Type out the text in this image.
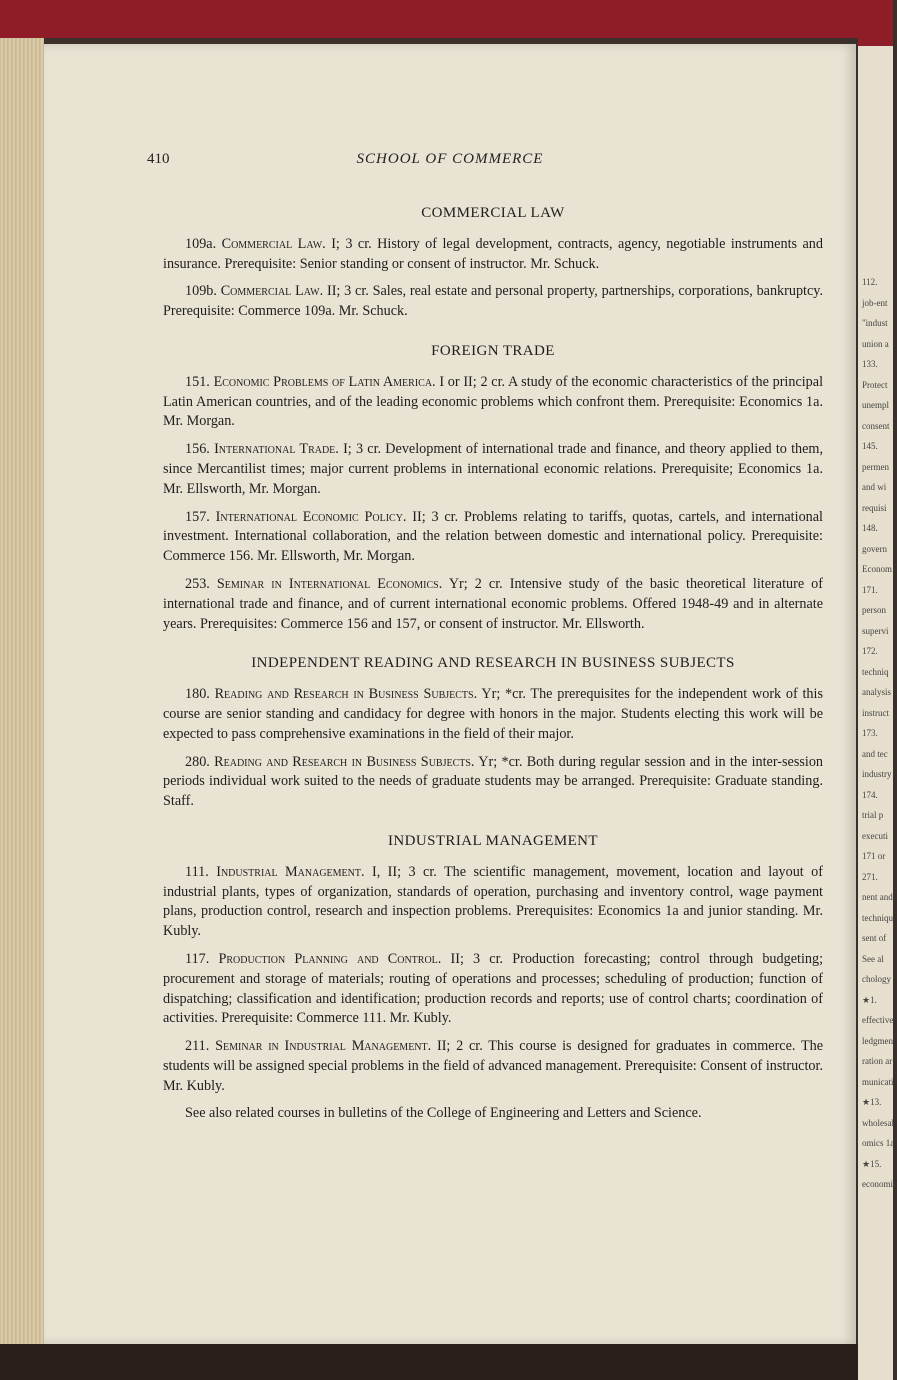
410	SCHOOL OF COMMERCE
COMMERCIAL LAW

109a. Commercial Law. I; 3 cr. History of legal development, contracts, agency, negotiable instruments and insurance. Prerequisite: Senior standing or consent of instructor. Mr. Schuck.

109b. Commercial Law. II; 3 cr. Sales, real estate and personal property, partnerships, corporations, bankruptcy. Prerequisite: Commerce 109a. Mr. Schuck.

FOREIGN TRADE

151. Economic Problems of Latin America. I or II; 2 cr. A study of the economic characteristics of the principal Latin American countries, and of the leading economic problems which confront them. Prerequisite: Economics 1a. Mr. Morgan.

156. International Trade. I; 3 cr. Development of international trade and finance, and theory applied to them, since Mercantilist times; major current problems in international economic relations. Prerequisite; Economics 1a. Mr. Ellsworth, Mr. Morgan.

157. International Economic Policy. II; 3 cr. Problems relating to tariffs, quotas, cartels, and international investment. International collaboration, and the relation between domestic and international policy. Prerequisite: Commerce 156. Mr. Ellsworth, Mr. Morgan.

253. Seminar in International Economics. Yr; 2 cr. Intensive study of the basic theoretical literature of international trade and finance, and of current international economic problems. Offered 1948-49 and in alternate years. Prerequisites: Commerce 156 and 157, or consent of instructor. Mr. Ellsworth.

INDEPENDENT READING AND RESEARCH IN BUSINESS SUBJECTS

180. Reading and Research in Business Subjects. Yr; *cr. The prerequisites for the independent work of this course are senior standing and candidacy for degree with honors in the major. Students electing this work will be expected to pass comprehensive examinations in the field of their major.

280. Reading and Research in Business Subjects. Yr; *cr. Both during regular session and in the inter-session periods individual work suited to the needs of graduate students may be arranged. Prerequisite: Graduate standing. Staff.

INDUSTRIAL MANAGEMENT

111. Industrial Management. I, II; 3 cr. The scientific management, movement, location and layout of industrial plants, types of organization, standards of operation, purchasing and inventory control, wage payment plans, production control, research and inspection problems. Prerequisites: Economics 1a and junior standing. Mr. Kubly.

117. Production Planning and Control. II; 3 cr. Production forecasting; control through budgeting; procurement and storage of materials; routing of operations and processes; scheduling of production; function of dispatching; classification and identification; production records and reports; use of control charts; coordination of activities. Prerequisite: Commerce 111. Mr. Kubly.

211. Seminar in Industrial Management. II; 2 cr. This course is designed for graduates in commerce. The students will be assigned special problems in the field of advanced management. Prerequisite: Consent of instructor. Mr. Kubly.

See also related courses in bulletins of the College of Engineering and Letters and Science.

112.
job-ent
"indust
union a
133.
Protect
unempl
consent
145.
permen
and wi
requisi
148.
govern
Econom
171.
person
supervi
172.
techniq
analysis
instruct
173.
and tec
industry
174.
trial p
executi
171 or
271.
nent and
techniqu
sent of
See al
chology
★1.
effective
ledgmen
ration ar
municati
★13.
wholesal
omics 1a
★15.
economic
